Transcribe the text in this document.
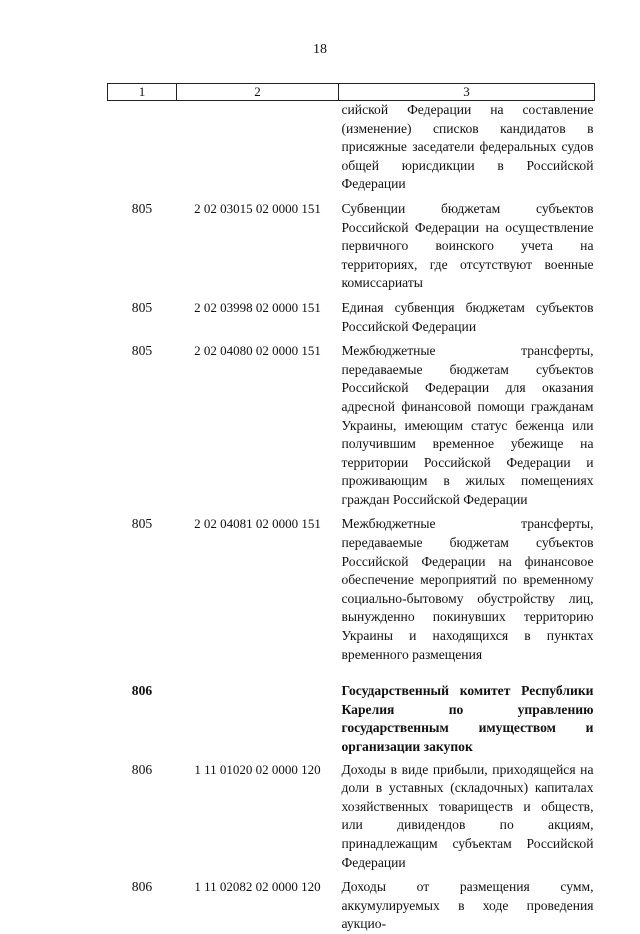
18
1	2	3
		сийской Федерации на составление (изменение) списков кандидатов в присяжные заседатели федеральных судов общей юрисдикции в Российской Федерации
805	2 02 03015 02 0000 151	Субвенции бюджетам субъектов Российской Федерации на осуществление первичного воинского учета на территориях, где отсутствуют военные комиссариаты
805	2 02 03998 02 0000 151	Единая субвенция бюджетам субъектов Российской Федерации
805	2 02 04080 02 0000 151	Межбюджетные трансферты, передаваемые бюджетам субъектов Российской Федерации для оказания адресной финансовой помощи гражданам Украины, имеющим статус беженца или получившим временное убежище на территории Российской Федерации и проживающим в жилых помещениях граждан Российской Федерации
805	2 02 04081 02 0000 151	Межбюджетные трансферты, передаваемые бюджетам субъектов Российской Федерации на финансовое обеспечение мероприятий по временному социально-бытовому обустройству лиц, вынужденно покинувших территорию Украины и находящихся в пунктах временного размещения
806		Государственный комитет Республики Карелия по управлению государственным имуществом и организации закупок
806	1 11 01020 02 0000 120	Доходы в виде прибыли, приходящейся на доли в уставных (складочных) капиталах хозяйственных товариществ и обществ, или дивидендов по акциям, принадлежащим субъектам Российской Федерации
806	1 11 02082 02 0000 120	Доходы от размещения сумм, аккумулируемых в ходе проведения аукцио-
